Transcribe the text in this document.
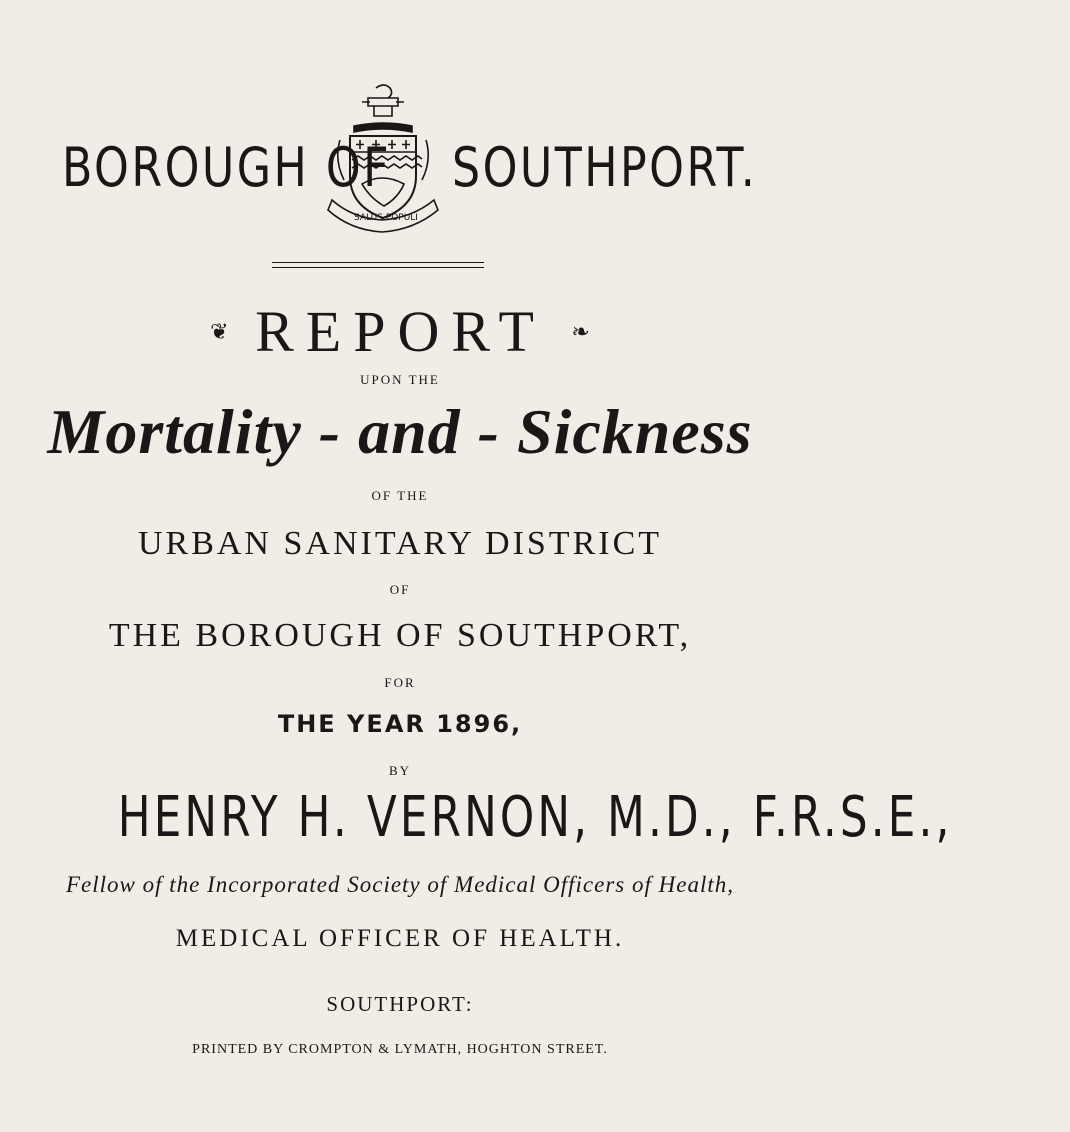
BOROUGH OF
SALUS POPULI
SOUTHPORT.
❦ REPORT ❧
UPON THE
Mortality - and - Sickness
OF THE
URBAN SANITARY DISTRICT
OF
THE BOROUGH OF SOUTHPORT,
FOR
THE YEAR 1896,
BY
HENRY H. VERNON, M.D., F.R.S.E.,
Fellow of the Incorporated Society of Medical Officers of Health,
MEDICAL OFFICER OF HEALTH.
SOUTHPORT:
PRINTED BY CROMPTON & LYMATH, HOGHTON STREET.
